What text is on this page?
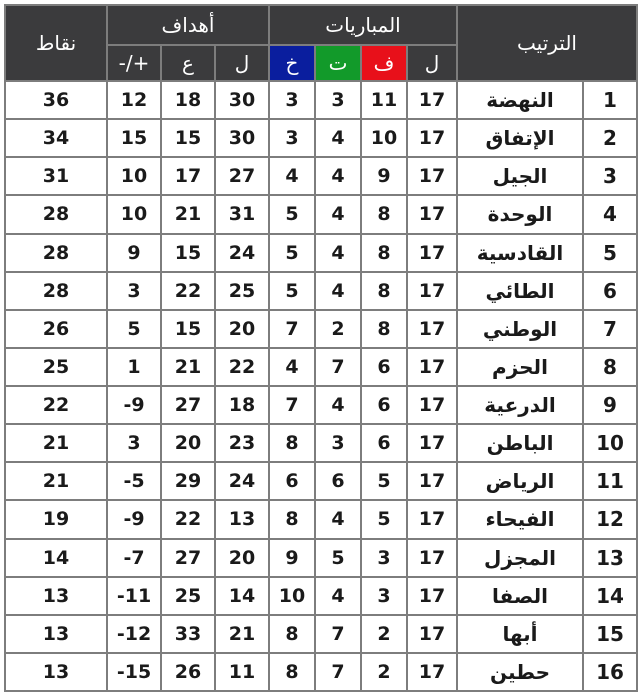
الترتيب		المباريات				أهداف			نقاط
		ل	ف	ت	خ	ل	ع	+/-	
1	النهضة	17	11	3	3	30	18	12	36
2	الإتفاق	17	10	4	3	30	15	15	34
3	الجيل	17	9	4	4	27	17	10	31
4	الوحدة	17	8	4	5	31	21	10	28
5	القادسية	17	8	4	5	24	15	9	28
6	الطائي	17	8	4	5	25	22	3	28
7	الوطني	17	8	2	7	20	15	5	26
8	الحزم	17	6	7	4	22	21	1	25
9	الدرعية	17	6	4	7	18	27	9-	22
10	الباطن	17	6	3	8	23	20	3	21
11	الرياض	17	5	6	6	24	29	5-	21
12	الفيحاء	17	5	4	8	13	22	9-	19
13	المجزل	17	3	5	9	20	27	7-	14
14	الصفا	17	3	4	10	14	25	11-	13
15	أبها	17	2	7	8	21	33	12-	13
16	حطين	17	2	7	8	11	26	15-	13
